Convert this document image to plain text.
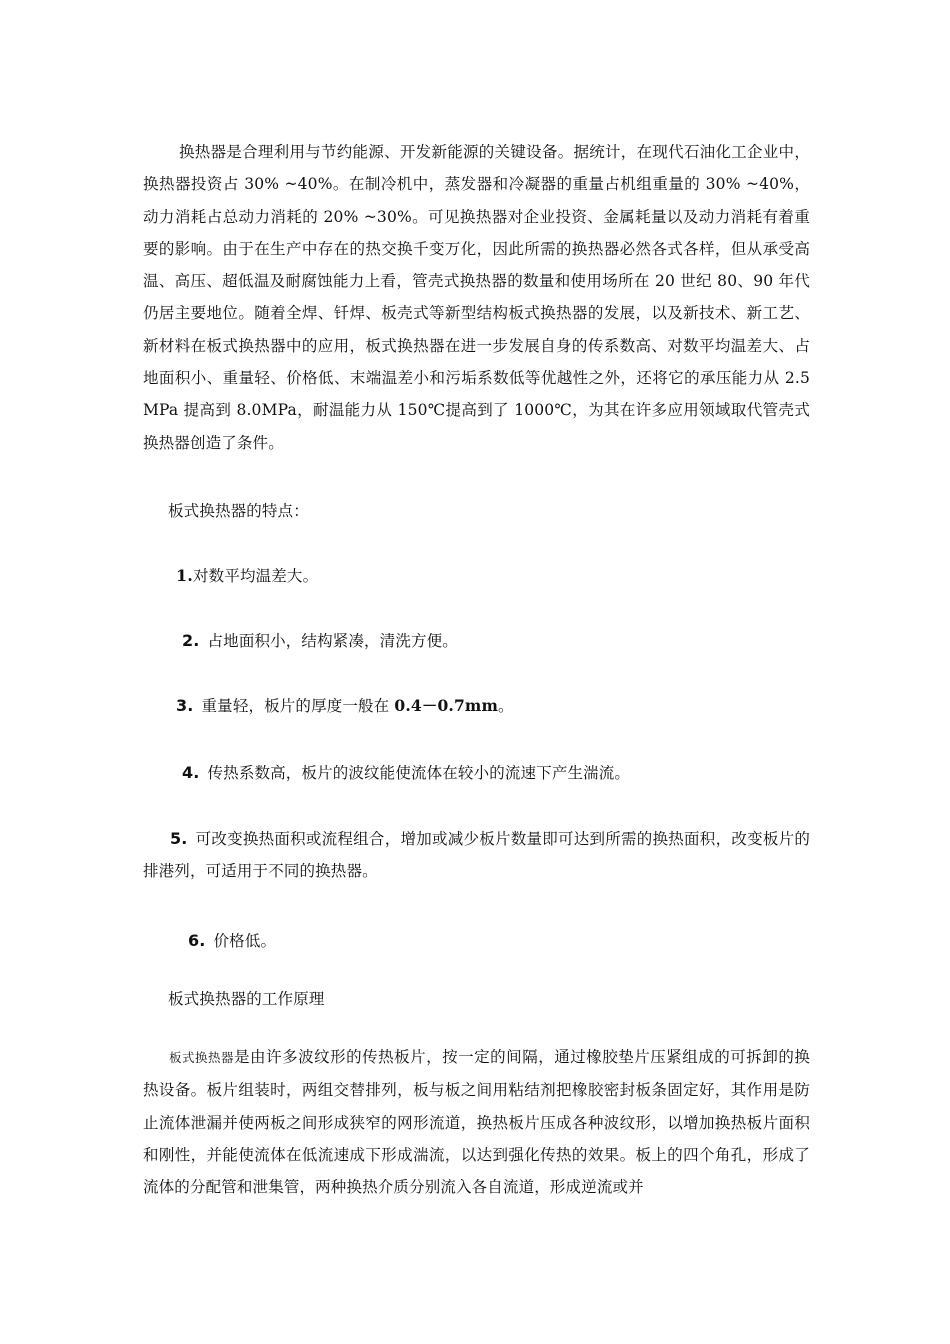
换热器是合理利用与节约能源、开发新能源的关键设备。据统计，在现代石油化工企业中，换热器投资占 30% ~40%。在制冷机中，蒸发器和冷凝器的重量占机组重量的 30% ~40%，动力消耗占总动力消耗的 20% ~30%。可见换热器对企业投资、金属耗量以及动力消耗有着重要的影响。由于在生产中存在的热交换千变万化，因此所需的换热器必然各式各样，但从承受高温、高压、超低温及耐腐蚀能力上看，管壳式换热器的数量和使用场所在 20 世纪 80、90 年代仍居主要地位。随着全焊、钎焊、板壳式等新型结构板式换热器的发展，以及新技术、新工艺、新材料在板式换热器中的应用，板式换热器在进一步发展自身的传系数高、对数平均温差大、占地面积小、重量轻、价格低、末端温差小和污垢系数低等优越性之外，还将它的承压能力从 2.5MPa 提高到 8.0MPa，耐温能力从 150℃提高到了 1000℃，为其在许多应用领域取代管壳式换热器创造了条件。

板式换热器的特点：

1.对数平均温差大。

2. 占地面积小，结构紧凑，清洗方便。

3. 重量轻，板片的厚度一般在 0.4－0.7mm。

4. 传热系数高，板片的波纹能使流体在较小的流速下产生湍流。

5. 可改变换热面积或流程组合，增加或减少板片数量即可达到所需的换热面积，改变板片的排港列，可适用于不同的换热器。

6. 价格低。

板式换热器的工作原理

板式换热器是由许多波纹形的传热板片，按一定的间隔，通过橡胶垫片压紧组成的可拆卸的换热设备。板片组装时，两组交替排列，板与板之间用粘结剂把橡胶密封板条固定好，其作用是防止流体泄漏并使两板之间形成狭窄的网形流道，换热板片压成各种波纹形，以增加换热板片面积和刚性，并能使流体在低流速成下形成湍流，以达到强化传热的效果。板上的四个角孔，形成了流体的分配管和泄集管，两种换热介质分别流入各自流道，形成逆流或并
